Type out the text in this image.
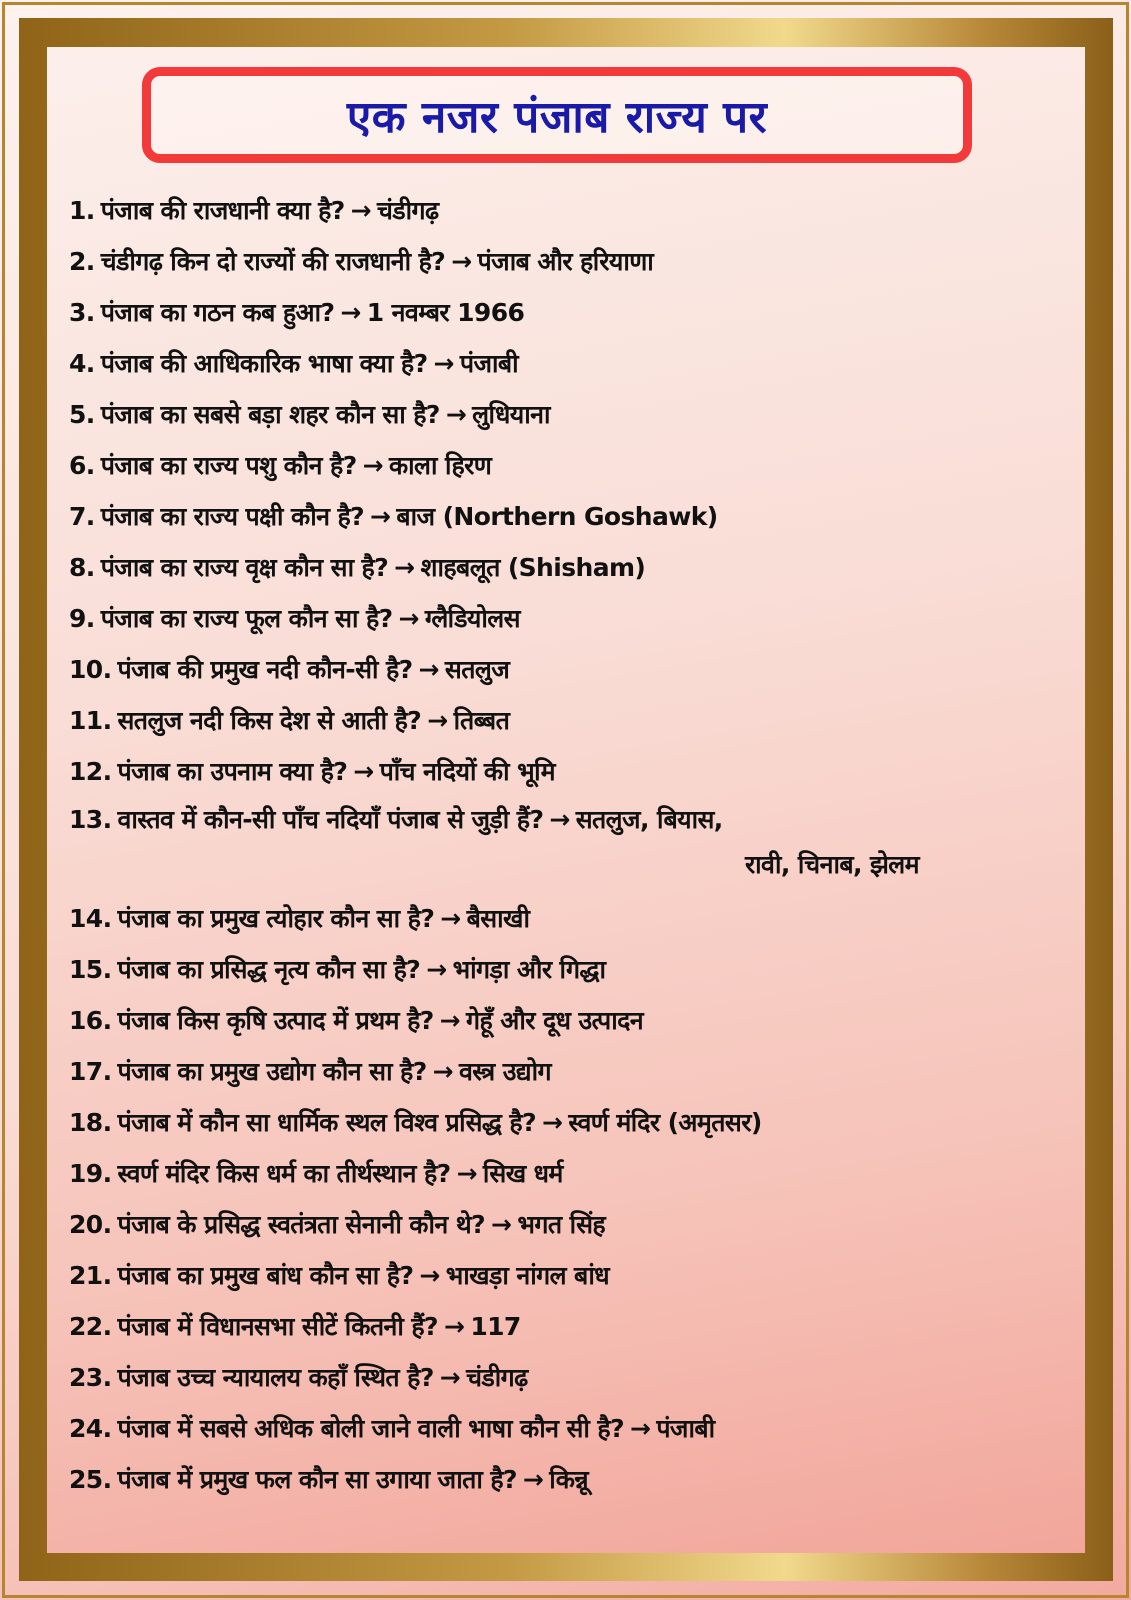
एक नजर पंजाब राज्य पर
1. पंजाब की राजधानी क्या है? → चंडीगढ़
2. चंडीगढ़ किन दो राज्यों की राजधानी है? → पंजाब और हरियाणा
3. पंजाब का गठन कब हुआ? → 1 नवम्बर 1966
4. पंजाब की आधिकारिक भाषा क्या है? → पंजाबी
5. पंजाब का सबसे बड़ा शहर कौन सा है? → लुधियाना
6. पंजाब का राज्य पशु कौन है? → काला हिरण
7. पंजाब का राज्य पक्षी कौन है? → बाज (Northern Goshawk)
8. पंजाब का राज्य वृक्ष कौन सा है? → शाहबलूत (Shisham)
9. पंजाब का राज्य फूल कौन सा है? → ग्लैडियोलस
10. पंजाब की प्रमुख नदी कौन-सी है? → सतलुज
11. सतलुज नदी किस देश से आती है? → तिब्बत
12. पंजाब का उपनाम क्या है? → पाँच नदियों की भूमि
13. वास्तव में कौन-सी पाँच नदियाँ पंजाब से जुड़ी हैं? → सतलुज, बियास,
रावी, चिनाब, झेलम
14. पंजाब का प्रमुख त्योहार कौन सा है? → बैसाखी
15. पंजाब का प्रसिद्ध नृत्य कौन सा है? → भांगड़ा और गिद्धा
16. पंजाब किस कृषि उत्पाद में प्रथम है? → गेहूँ और दूध उत्पादन
17. पंजाब का प्रमुख उद्योग कौन सा है? → वस्त्र उद्योग
18. पंजाब में कौन सा धार्मिक स्थल विश्व प्रसिद्ध है? → स्वर्ण मंदिर (अमृतसर)
19. स्वर्ण मंदिर किस धर्म का तीर्थस्थान है? → सिख धर्म
20. पंजाब के प्रसिद्ध स्वतंत्रता सेनानी कौन थे? → भगत सिंह
21. पंजाब का प्रमुख बांध कौन सा है? → भाखड़ा नांगल बांध
22. पंजाब में विधानसभा सीटें कितनी हैं? → 117
23. पंजाब उच्च न्यायालय कहाँ स्थित है? → चंडीगढ़
24. पंजाब में सबसे अधिक बोली जाने वाली भाषा कौन सी है? → पंजाबी
25. पंजाब में प्रमुख फल कौन सा उगाया जाता है? → किन्नू
